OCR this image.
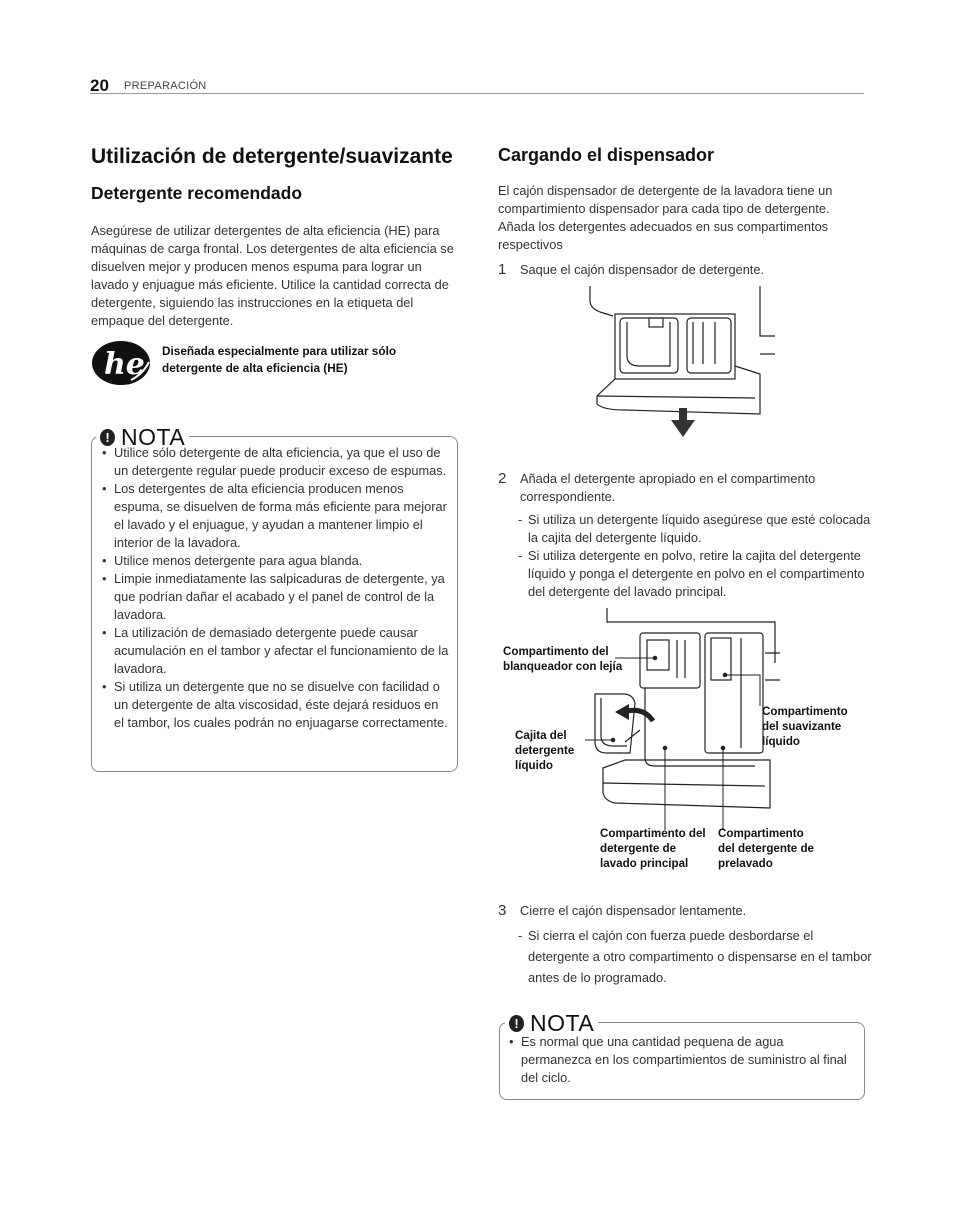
20 PREPARACIÓN
Utilización de detergente/suavizante
Detergente recomendado

Asegúrese de utilizar detergentes de alta eficiencia (HE) para máquinas de carga frontal. Los detergentes de alta eficiencia se disuelven mejor y producen menos espuma para lograr un lavado y enjuague más eficiente. Utilice la cantidad correcta de detergente, siguiendo las instrucciones en la etiqueta del empaque del detergente.

he Diseñada especialmente para utilizar sólo
detergente de alta eficiencia (HE)
! NOTA
• Utilice sólo detergente de alta eficiencia, ya que el uso de un detergente regular puede producir exceso de espumas.
• Los detergentes de alta eficiencia producen menos espuma, se disuelven de forma más eficiente para mejorar el lavado y el enjuague, y ayudan a mantener limpio el interior de la lavadora.
• Utilice menos detergente para agua blanda.
• Limpie inmediatamente las salpicaduras de detergente, ya que podrían dañar el acabado y el panel de control de la lavadora.
• La utilización de demasiado detergente puede causar acumulación en el tambor y afectar el funcionamiento de la lavadora.
• Si utiliza un detergente que no se disuelve con facilidad o un detergente de alta viscosidad, éste dejará residuos en el tambor, los cuales podrán no enjuagarse correctamente.
Cargando el dispensador

El cajón dispensador de detergente de la lavadora tiene un compartimiento dispensador para cada tipo de detergente. Añada los detergentes adecuados en sus compartimentos respectivos

1 Saque el cajón dispensador de detergente.
2 Añada el detergente apropiado en el compartimento correspondiente.
- Si utiliza un detergente líquido asegúrese que esté colocada la cajita del detergente líquido.
- Si utiliza detergente en polvo, retire la cajita del detergente líquido y ponga el detergente en polvo en el compartimento del detergente del lavado principal.
Compartimento del blanqueador con lejía
Cajita del detergente líquido
Compartimento del suavizante líquido
Compartimento del detergente de lavado principal
Compartimento del detergente de prelavado
3 Cierre el cajón dispensador lentamente.
- Si cierra el cajón con fuerza puede desbordarse el detergente a otro compartimento o dispensarse en el tambor antes de lo programado.
! NOTA
• Es normal que una cantidad pequena de agua permanezca en los compartimientos de suministro al final del ciclo.
